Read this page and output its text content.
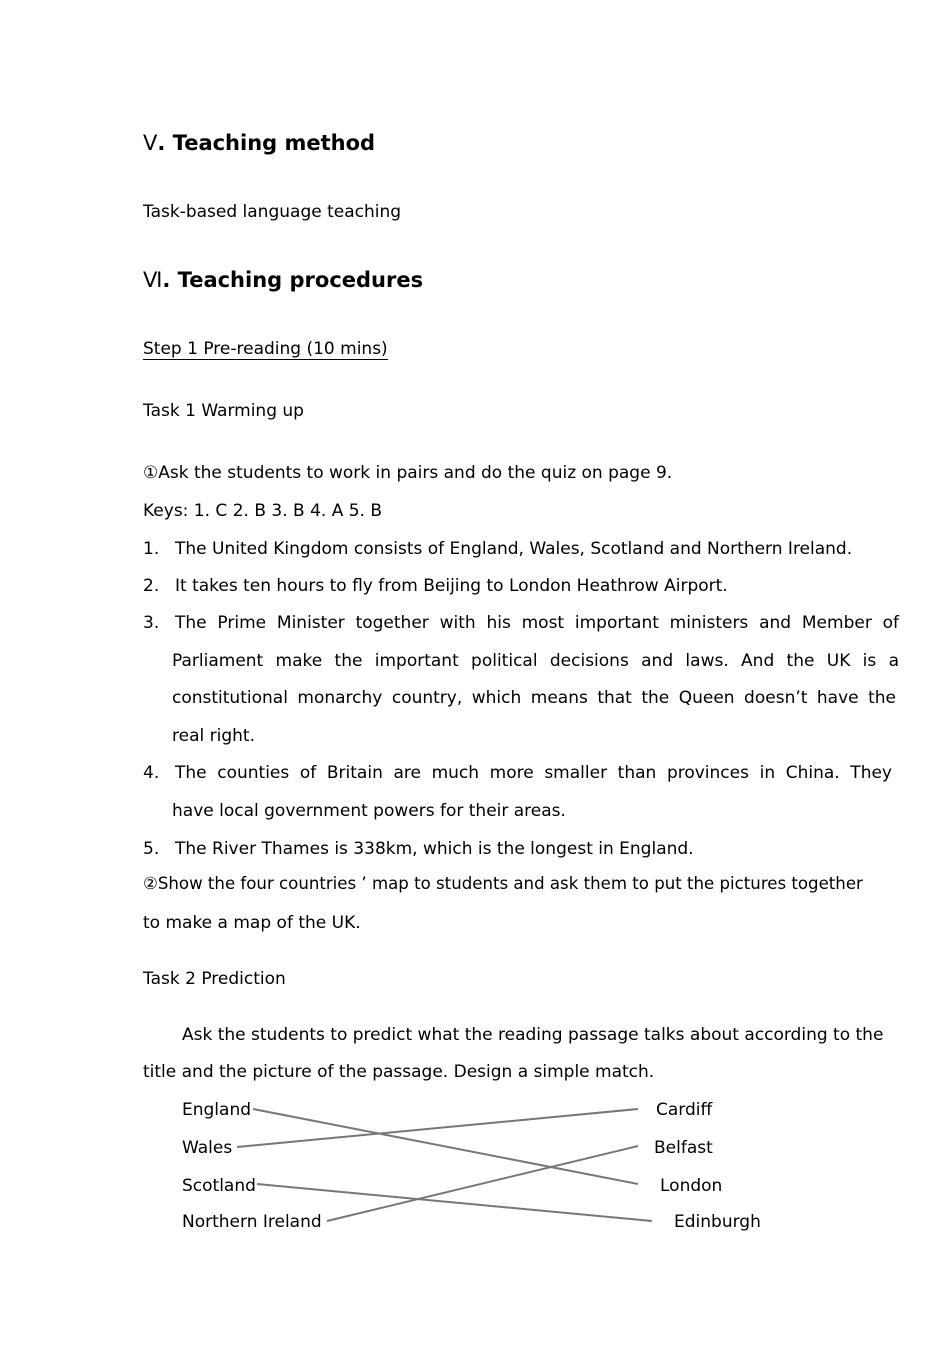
Ⅴ. Teaching method
Task-based language teaching
Ⅵ. Teaching procedures
Step 1 Pre-reading (10 mins)
Task 1 Warming up
①Ask the students to work in pairs and do the quiz on page 9.
Keys: 1. C 2. B 3. B 4. A 5. B
1. The United Kingdom consists of England, Wales, Scotland and Northern Ireland.
2. It takes ten hours to fly from Beijing to London Heathrow Airport.
3. The Prime Minister together with his most important ministers and Member of
Parliament make the important political decisions and laws. And the UK is a
constitutional monarchy country, which means that the Queen doesn’t have the
real right.
4. The counties of Britain are much more smaller than provinces in China. They
have local government powers for their areas.
5. The River Thames is 338km, which is the longest in England.
②Show the four countries ’ map to students and ask them to put the pictures together
to make a map of the UK.
Task 2 Prediction
Ask the students to predict what the reading passage talks about according to the
title and the picture of the passage. Design a simple match.
England
Wales
Scotland
Northern Ireland
Cardiff
Belfast
London
Edinburgh
